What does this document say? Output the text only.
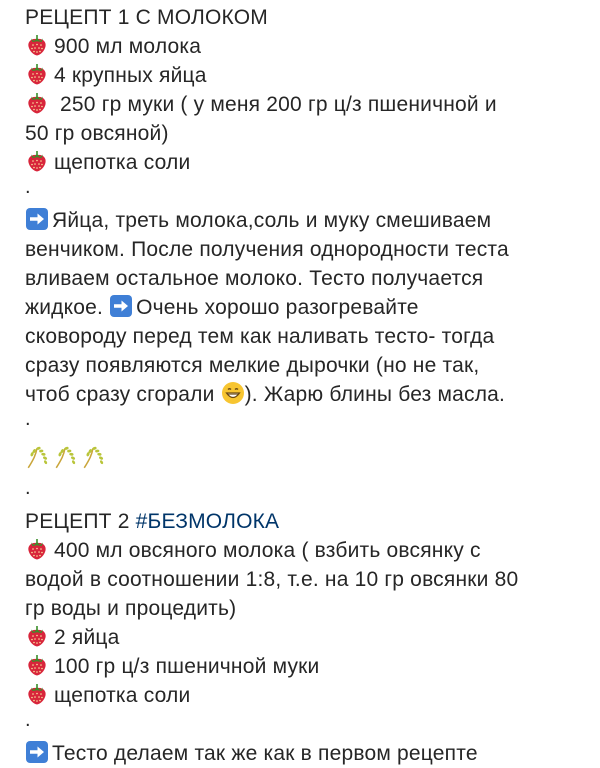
РЕЦЕПТ 1 С МОЛОКОМ
900 мл молока
4 крупных яйца
250 гр муки ( у меня 200 гр ц/з пшеничной и
50 гр овсяной)
щепотка соли
.
Яйца, треть молока,соль и муку смешиваем
венчиком. После получения однородности теста
вливаем остальное молоко. Тесто получается
жидкое.
Очень хорошо разогревайте
сковороду перед тем как наливать тесто- тогда
сразу появляются мелкие дырочки (но не так,
чтоб сразу сгорали
). Жарю блины без масла.
.
.
РЕЦЕПТ 2 #БЕЗМОЛОКА
400 мл овсяного молока ( взбить овсянку с
водой в соотношении 1:8, т.е. на 10 гр овсянки 80
гр воды и процедить)
2 яйца
100 гр ц/з пшеничной муки
щепотка соли
.
Тесто делаем так же как в первом рецепте
